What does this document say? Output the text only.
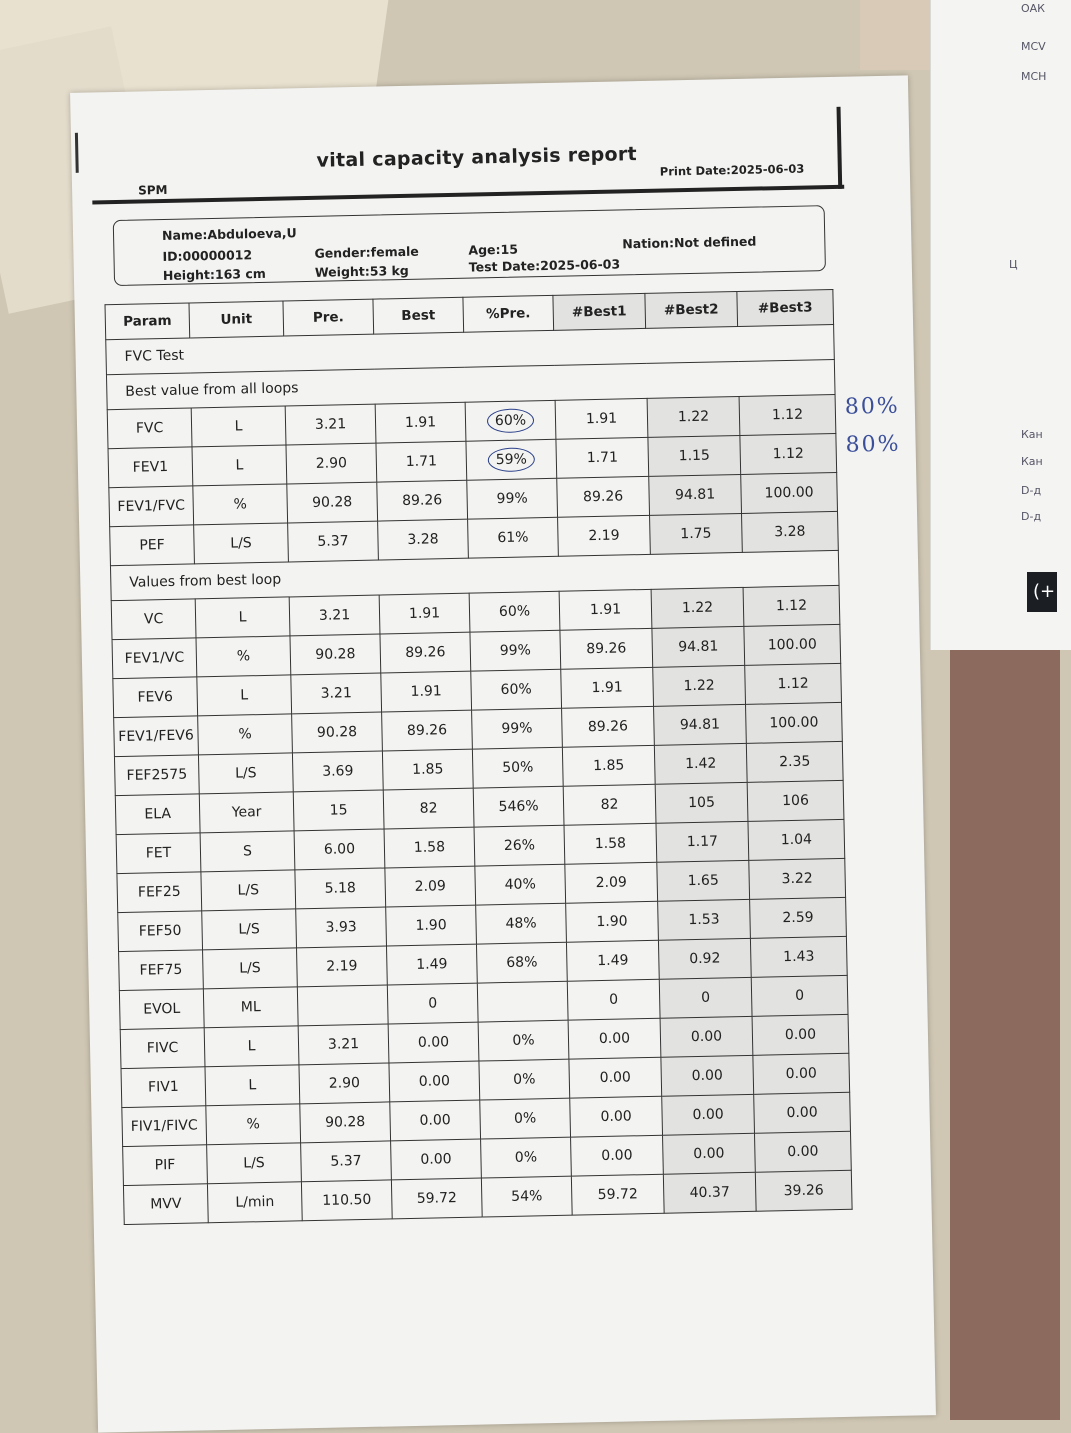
ОАК
MCV
MCH
Ц
Кан
Кан
D-д
D-д
(+
vital capacity analysis report
SPM
Print Date:2025-06-03
Name:Abduloeva,U
ID:00000012	Gender:female	Age:15	Nation:Not defined
Height:163 cm	Weight:53 kg	Test Date:2025-06-03
Param	Unit	Pre.	Best	%Pre.	#Best1	#Best2	#Best3
FVC Test							
Best value from all loops							
FVC	L	3.21	1.91	60%	1.91	1.22	1.12
FEV1	L	2.90	1.71	59%	1.71	1.15	1.12
FEV1/FVC	%	90.28	89.26	99%	89.26	94.81	100.00
PEF	L/S	5.37	3.28	61%	2.19	1.75	3.28
Values from best loop							
VC	L	3.21	1.91	60%	1.91	1.22	1.12
FEV1/VC	%	90.28	89.26	99%	89.26	94.81	100.00
FEV6	L	3.21	1.91	60%	1.91	1.22	1.12
FEV1/FEV6	%	90.28	89.26	99%	89.26	94.81	100.00
FEF2575	L/S	3.69	1.85	50%	1.85	1.42	2.35
ELA	Year	15	82	546%	82	105	106
FET	S	6.00	1.58	26%	1.58	1.17	1.04
FEF25	L/S	5.18	2.09	40%	2.09	1.65	3.22
FEF50	L/S	3.93	1.90	48%	1.90	1.53	2.59
FEF75	L/S	2.19	1.49	68%	1.49	0.92	1.43
EVOL	ML		0		0	0	0
FIVC	L	3.21	0.00	0%	0.00	0.00	0.00
FIV1	L	2.90	0.00	0%	0.00	0.00	0.00
FIV1/FIVC	%	90.28	0.00	0%	0.00	0.00	0.00
PIF	L/S	5.37	0.00	0%	0.00	0.00	0.00
MVV	L/min	110.50	59.72	54%	59.72	40.37	39.26
80%
80%
